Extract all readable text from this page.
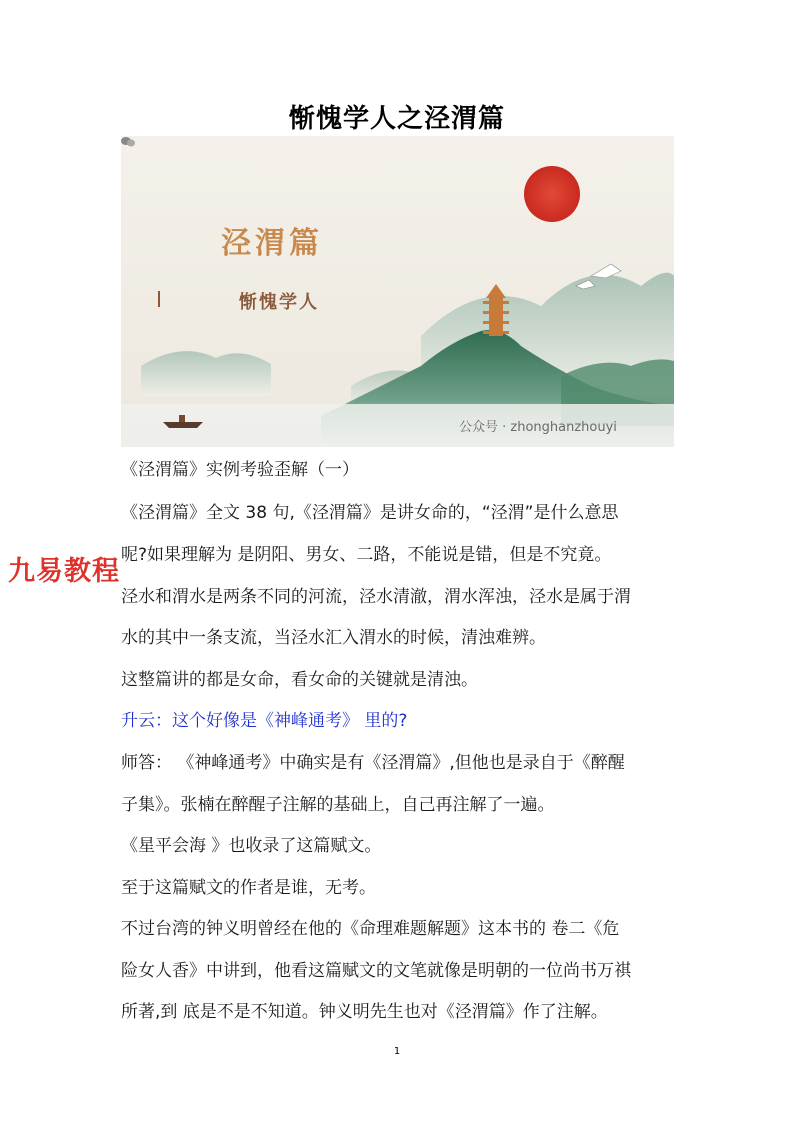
惭愧学人之泾渭篇
泾渭篇
惭愧学人
公众号 · zhonghanzhouyi
《泾渭篇》实例考验歪解（一）
《泾渭篇》全文 38 句,《泾渭篇》是讲女命的，“泾渭”是什么意思
呢?如果理解为 是阴阳、男女、二路，不能说是错，但是不究竟。
泾水和渭水是两条不同的河流，泾水清澈，渭水浑浊，泾水是属于渭
水的其中一条支流，当泾水汇入渭水的时候，清浊难辨。
这整篇讲的都是女命，看女命的关键就是清浊。
升云：这个好像是《神峰通考》 里的?
师答： 《神峰通考》中确实是有《泾渭篇》,但他也是录自于《醉醒
子集》。张楠在醉醒子注解的基础上，自己再注解了一遍。
《星平会海 》也收录了这篇赋文。
至于这篇赋文的作者是谁，无考。
不过台湾的钟义明曾经在他的《命理难题解题》这本书的 卷二《危
险女人香》中讲到，他看这篇赋文的文笔就像是明朝的一位尚书万祺
所著,到 底是不是不知道。钟义明先生也对《泾渭篇》作了注解。
九易教程
1
